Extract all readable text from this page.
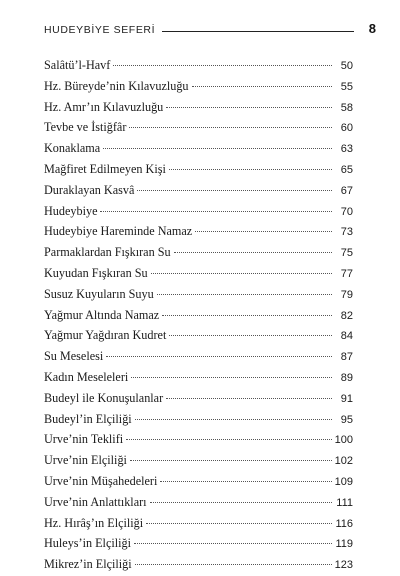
HUDEYBİYE SEFERİ	8
Salâtü’l-Havf	50
Hz. Büreyde’nin Kılavuzluğu	55
Hz. Amr’ın Kılavuzluğu	58
Tevbe ve İstiğfâr	60
Konaklama	63
Mağfiret Edilmeyen Kişi	65
Duraklayan Kasvâ	67
Hudeybiye	70
Hudeybiye Hareminde Namaz	73
Parmaklardan Fışkıran Su	75
Kuyudan Fışkıran Su	77
Susuz Kuyuların Suyu	79
Yağmur Altında Namaz	82
Yağmur Yağdıran Kudret	84
Su Meselesi	87
Kadın Meseleleri	89
Budeyl ile Konuşulanlar	91
Budeyl’in Elçiliği	95
Urve’nin Teklifi	100
Urve’nin Elçiliği	102
Urve’nin Müşahedeleri	109
Urve’nin Anlattıkları	111
Hz. Hırâş’ın Elçiliği	116
Huleys’in Elçiliği	119
Mikrez’in Elçiliği	123
